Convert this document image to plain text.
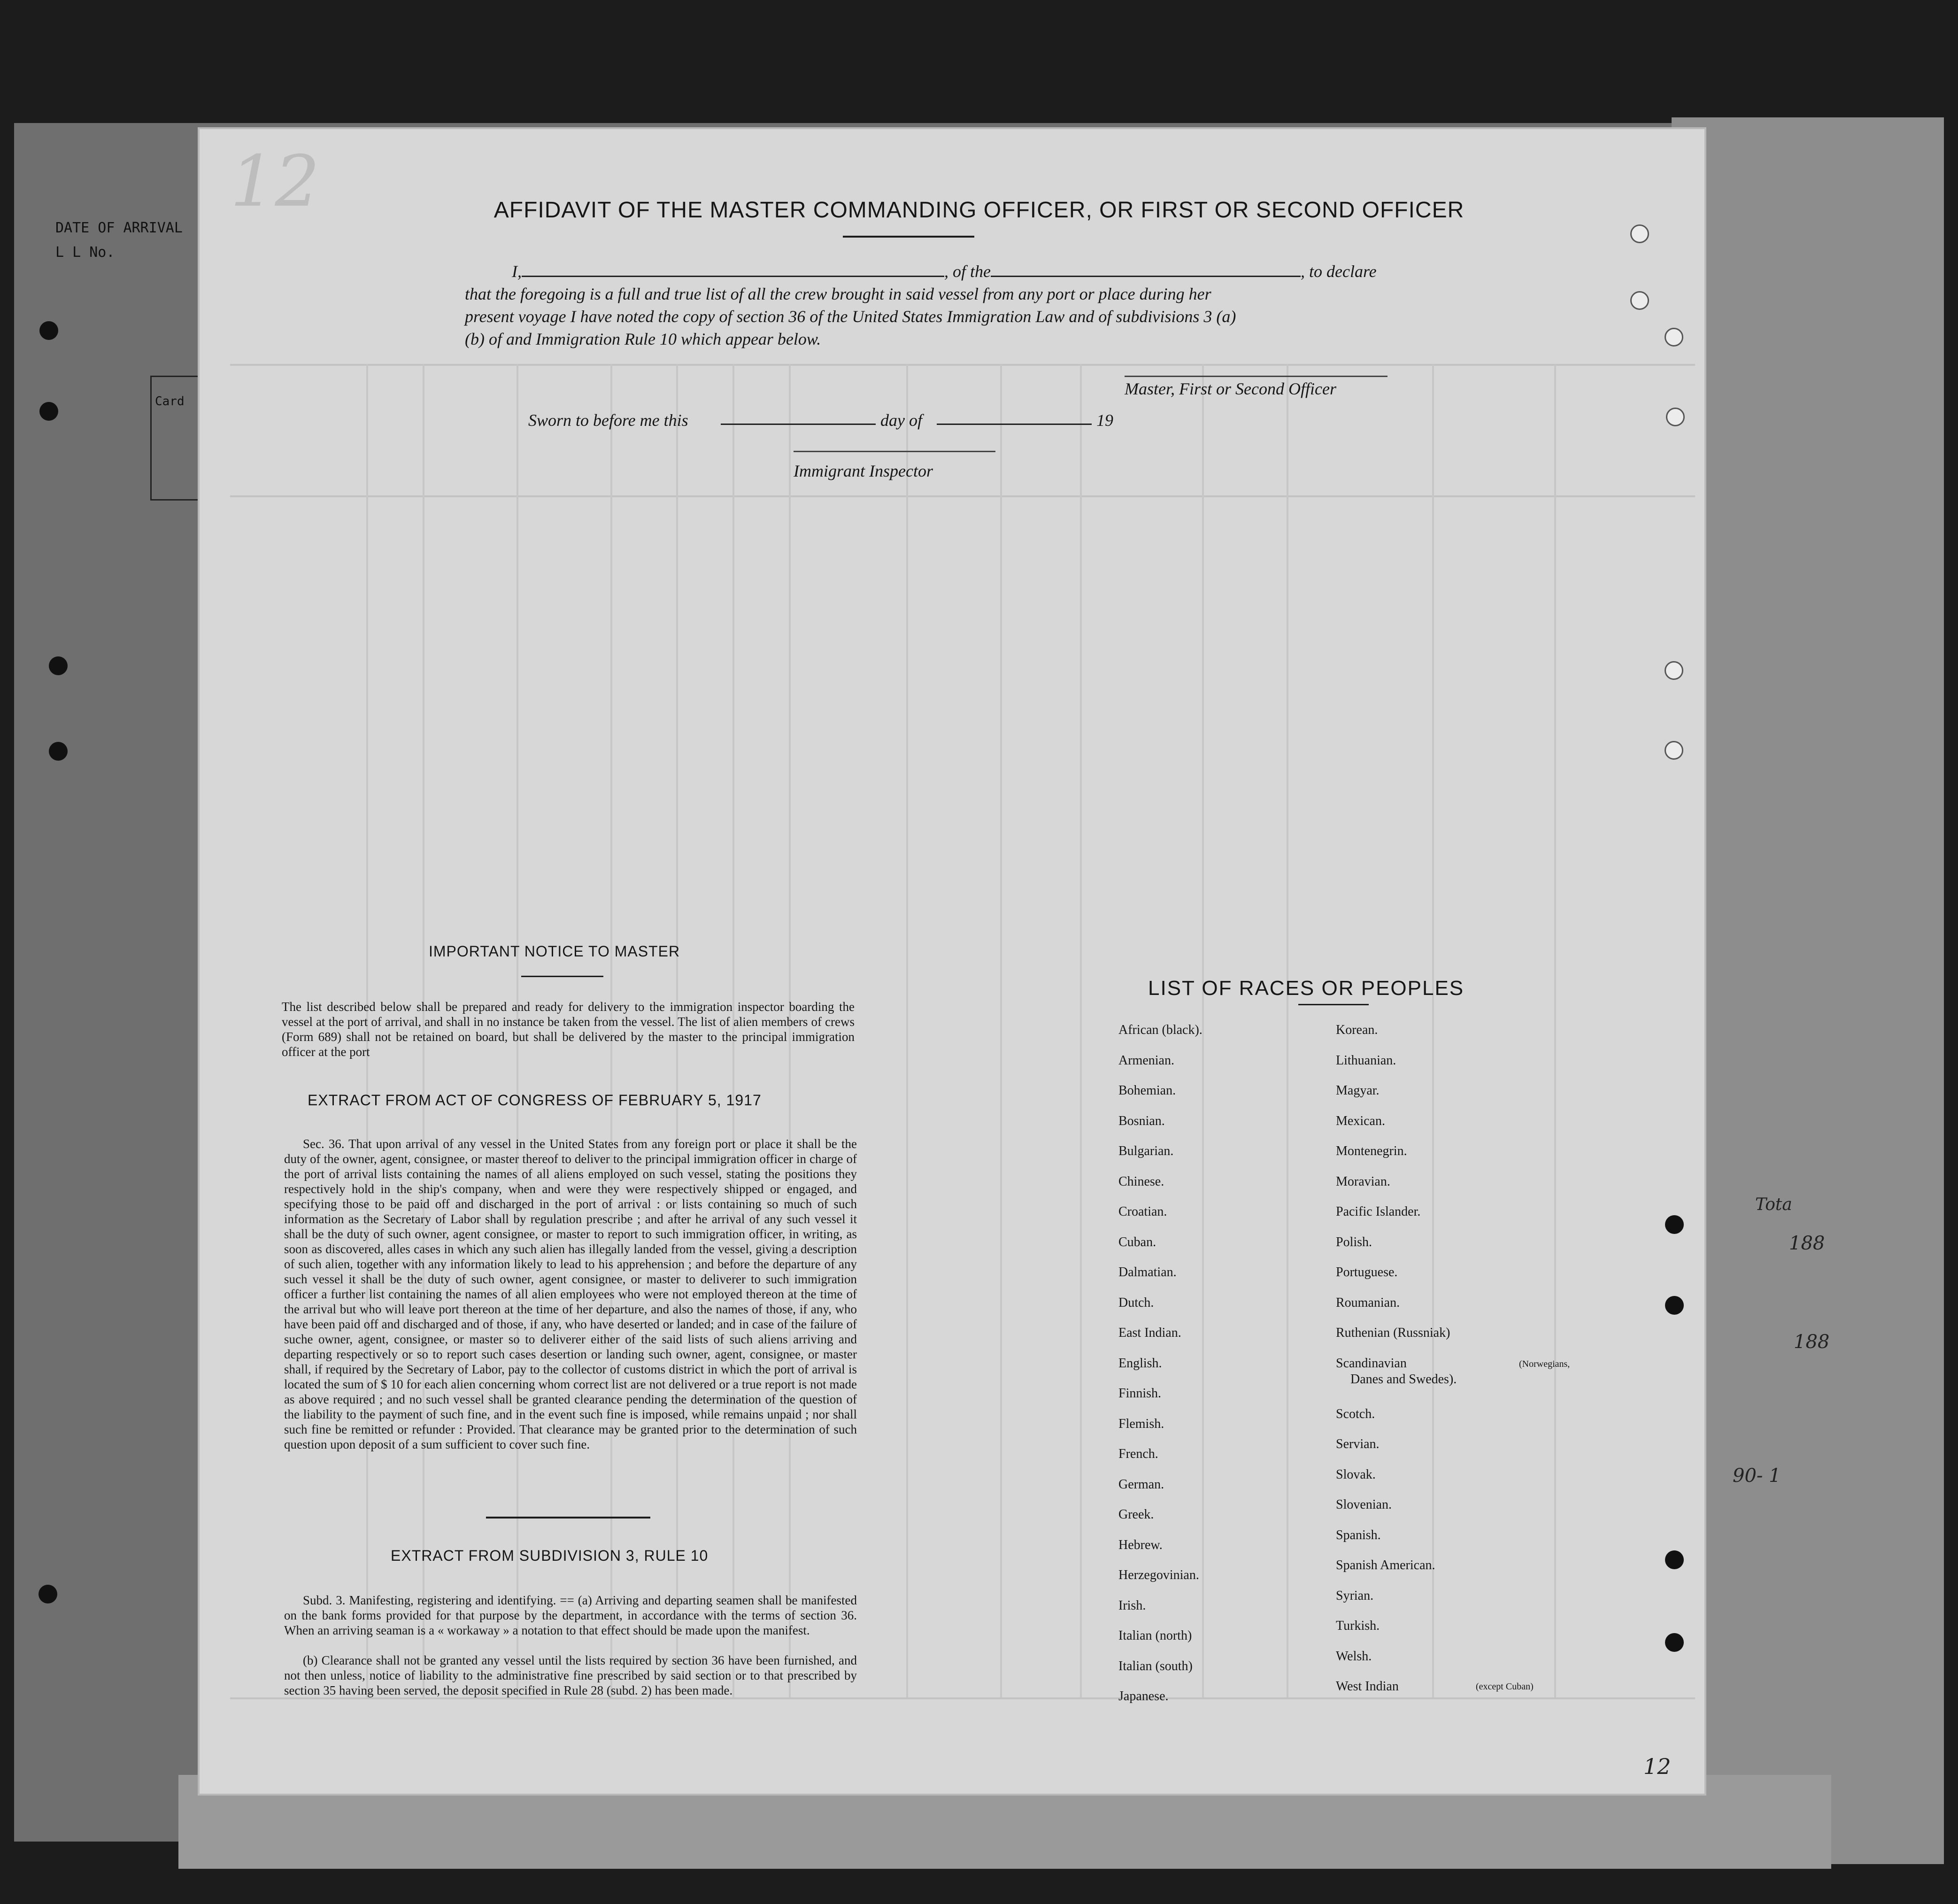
DATE OF ARRIVAL
L L No.
Card
12	AFFIDAVIT OF THE MASTER COMMANDING OFFICER, OR FIRST OR SECOND OFFICER
I,	, of the	, to declare
that the foregoing is a full and true list of all the crew brought in said vessel from any port or place during her
present voyage I have noted the copy of section 36 of the United States Immigration Law and of subdivisions 3 (a)
(b) of and Immigration Rule 10 which appear below.
Master, First or Second Officer
Sworn to before me this	day of	19
Immigrant Inspector
IMPORTANT NOTICE TO MASTER
The list described below shall be prepared and ready for delivery to the immigration inspector boarding the vessel at the port of arrival, and shall in no instance be taken from the vessel. The list of alien members of crews (Form 689) shall not be retained on board, but shall be delivered by the master to the principal immigration officer at the port
EXTRACT FROM ACT OF CONGRESS OF FEBRUARY 5, 1917
Sec. 36. That upon arrival of any vessel in the United States from any foreign port or place it shall be the duty of the owner, agent, consignee, or master thereof to deliver to the principal immigration officer in charge of the port of arrival lists containing the names of all aliens employed on such vessel, stating the positions they respectively hold in the ship's company, when and were they were respectively shipped or engaged, and specifying those to be paid off and discharged in the port of arrival : or lists containing so much of such information as the Secretary of Labor shall by regulation prescribe ; and after he arrival of any such vessel it shall be the duty of such owner, agent consignee, or master to report to such immigration officer, in writing, as soon as discovered, alles cases in which any such alien has illegally landed from the vessel, giving a description of such alien, together with any information likely to lead to his apprehension ; and before the departure of any such vessel it shall be the duty of such owner, agent consignee, or master to deliverer to such immigration officer a further list containing the names of all alien employees who were not employed thereon at the time of the arrival but who will leave port thereon at the time of her departure, and also the names of those, if any, who have been paid off and discharged and of those, if any, who have deserted or landed; and in case of the failure of suche owner, agent, consignee, or master so to deliverer either of the said lists of such aliens arriving and departing respectively or so to report such cases desertion or landing such owner, agent, consignee, or master shall, if required by the Secretary of Labor, pay to the collector of customs district in which the port of arrival is located the sum of $ 10 for each alien concerning whom correct list are not delivered or a true report is not made as above required ; and no such vessel shall be granted clearance pending the determination of the question of the liability to the payment of such fine, and in the event such fine is imposed, while remains unpaid ; nor shall such fine be remitted or refunder : Provided. That clearance may be granted prior to the determination of such question upon deposit of a sum sufficient to cover such fine.
EXTRACT FROM SUBDIVISION 3, RULE 10
Subd. 3. Manifesting, registering and identifying. == (a) Arriving and departing seamen shall be manifested on the bank forms provided for that purpose by the department, in accordance with the terms of section 36. When an arriving seaman is a « workaway » a notation to that effect should be made upon the manifest.
(b) Clearance shall not be granted any vessel until the lists required by section 36 have been furnished, and not then unless, notice of liability to the administrative fine prescribed by said section or to that prescribed by section 35 having been served, the deposit specified in Rule 28 (subd. 2) has been made.
LIST OF RACES OR PEOPLES
African (black).
Armenian.
Bohemian.
Bosnian.
Bulgarian.
Chinese.
Croatian.
Cuban.
Dalmatian.
Dutch.
East Indian.
English.
Finnish.
Flemish.
French.
German.
Greek.
Hebrew.
Herzegovinian.
Irish.
Italian (north)
Italian (south)
Japanese.
Korean.
Lithuanian.
Magyar.
Mexican.
Montenegrin.
Moravian.
Pacific Islander.
Polish.
Portuguese.
Roumanian.
Ruthenian (Russniak)
Scandinavian
Scotch.
Servian.
Slovak.
Slovenian.
Spanish.
Spanish American.
Syrian.
Turkish.
Welsh.
West Indian
(Norwegians,
Danes and Swedes).
(except Cuban)
Tota
188
188
90- 1
12
